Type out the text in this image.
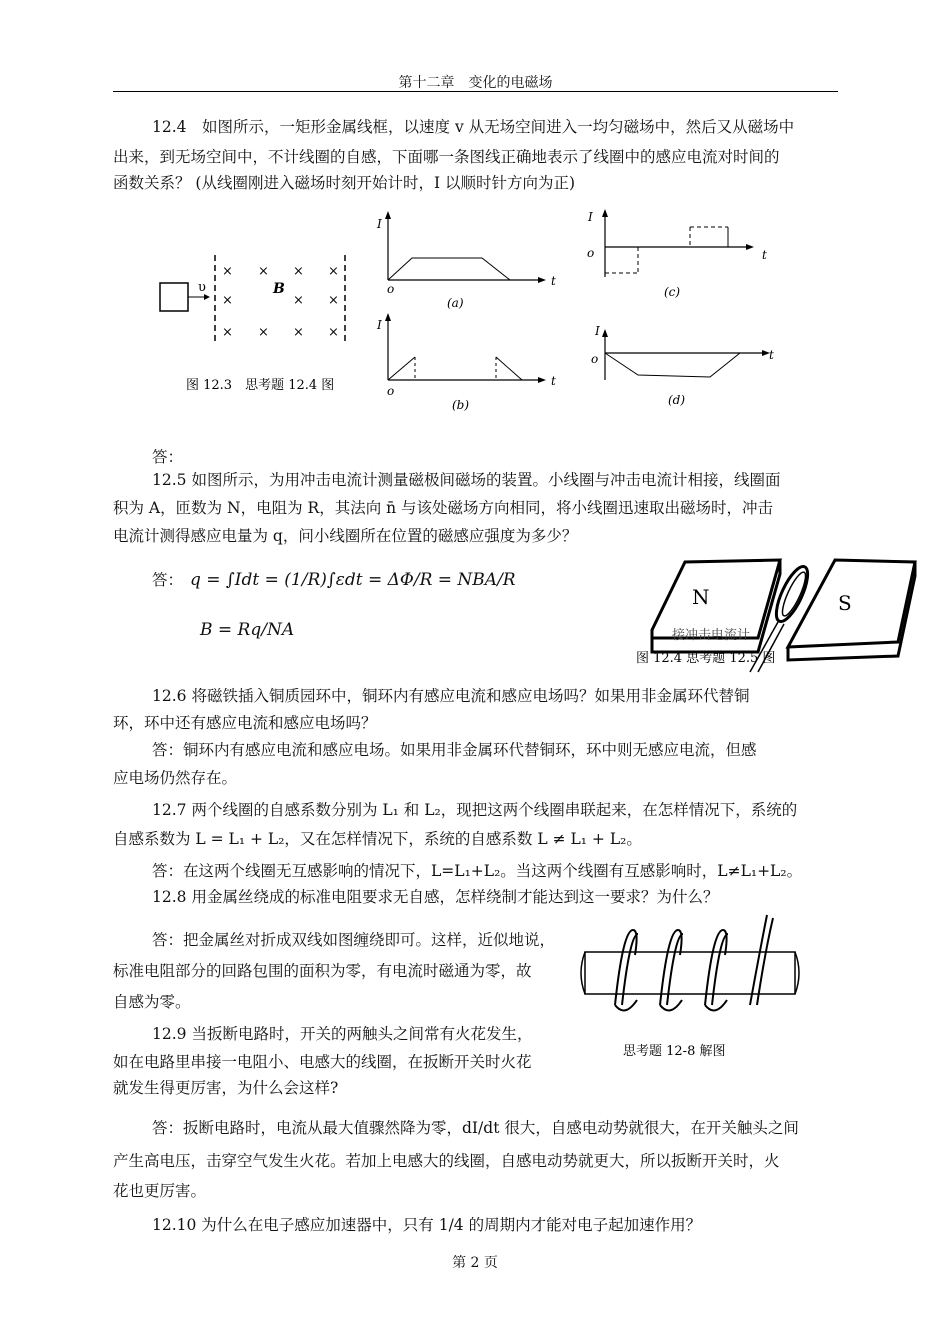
第十二章　变化的电磁场
12.4　如图所示，一矩形金属线框，以速度 v 从无场空间进入一均匀磁场中，然后又从磁场中
出来，到无场空间中，不计线圈的自感，下面哪一条图线正确地表示了线圈中的感应电流对时间的
函数关系？ (从线圈刚进入磁场时刻开始计时，I 以顺时针方向为正)
υ
× × × ×
×	× ×
× × × ×
B
图 12.3　思考题 12.4 图
I
t
o
(a)
I
t
o
(b)
I
t
o
(c)
I
t
o
(d)
答：
12.5 如图所示，为用冲击电流计测量磁极间磁场的装置。小线圈与冲击电流计相接，线圈面
积为 A，匝数为 N，电阻为 R，其法向 n̄ 与该处磁场方向相同，将小线圈迅速取出磁场时，冲击
电流计测得感应电量为 q，问小线圈所在位置的磁感应强度为多少？
答： q = ∫Idt = (1/R)∫εdt = ΔΦ/R = NBA/R
B = Rq/NA
N	S
接冲击电流计
图 12.4 思考题 12.5 图
12.6 将磁铁插入铜质园环中，铜环内有感应电流和感应电场吗？如果用非金属环代替铜
环，环中还有感应电流和感应电场吗？
答：铜环内有感应电流和感应电场。如果用非金属环代替铜环，环中则无感应电流，但感
应电场仍然存在。
12.7 两个线圈的自感系数分别为 L₁ 和 L₂，现把这两个线圈串联起来，在怎样情况下，系统的
自感系数为 L = L₁ + L₂，又在怎样情况下，系统的自感系数 L ≠ L₁ + L₂。
答：在这两个线圈无互感影响的情况下，L=L₁+L₂。当这两个线圈有互感影响时，L≠L₁+L₂。
12.8 用金属丝绕成的标准电阻要求无自感，怎样绕制才能达到这一要求？为什么？
答：把金属丝对折成双线如图缠绕即可。这样，近似地说，
标准电阻部分的回路包围的面积为零，有电流时磁通为零，故
自感为零。
思考题 12-8 解图
12.9 当扳断电路时，开关的两触头之间常有火花发生，
如在电路里串接一电阻小、电感大的线圈，在扳断开关时火花
就发生得更厉害，为什么会这样?
答：扳断电路时，电流从最大值骤然降为零，dI/dt 很大，自感电动势就很大，在开关触头之间
产生高电压，击穿空气发生火花。若加上电感大的线圈，自感电动势就更大，所以扳断开关时，火
花也更厉害。
12.10 为什么在电子感应加速器中，只有 1/4 的周期内才能对电子起加速作用？
第 2 页
